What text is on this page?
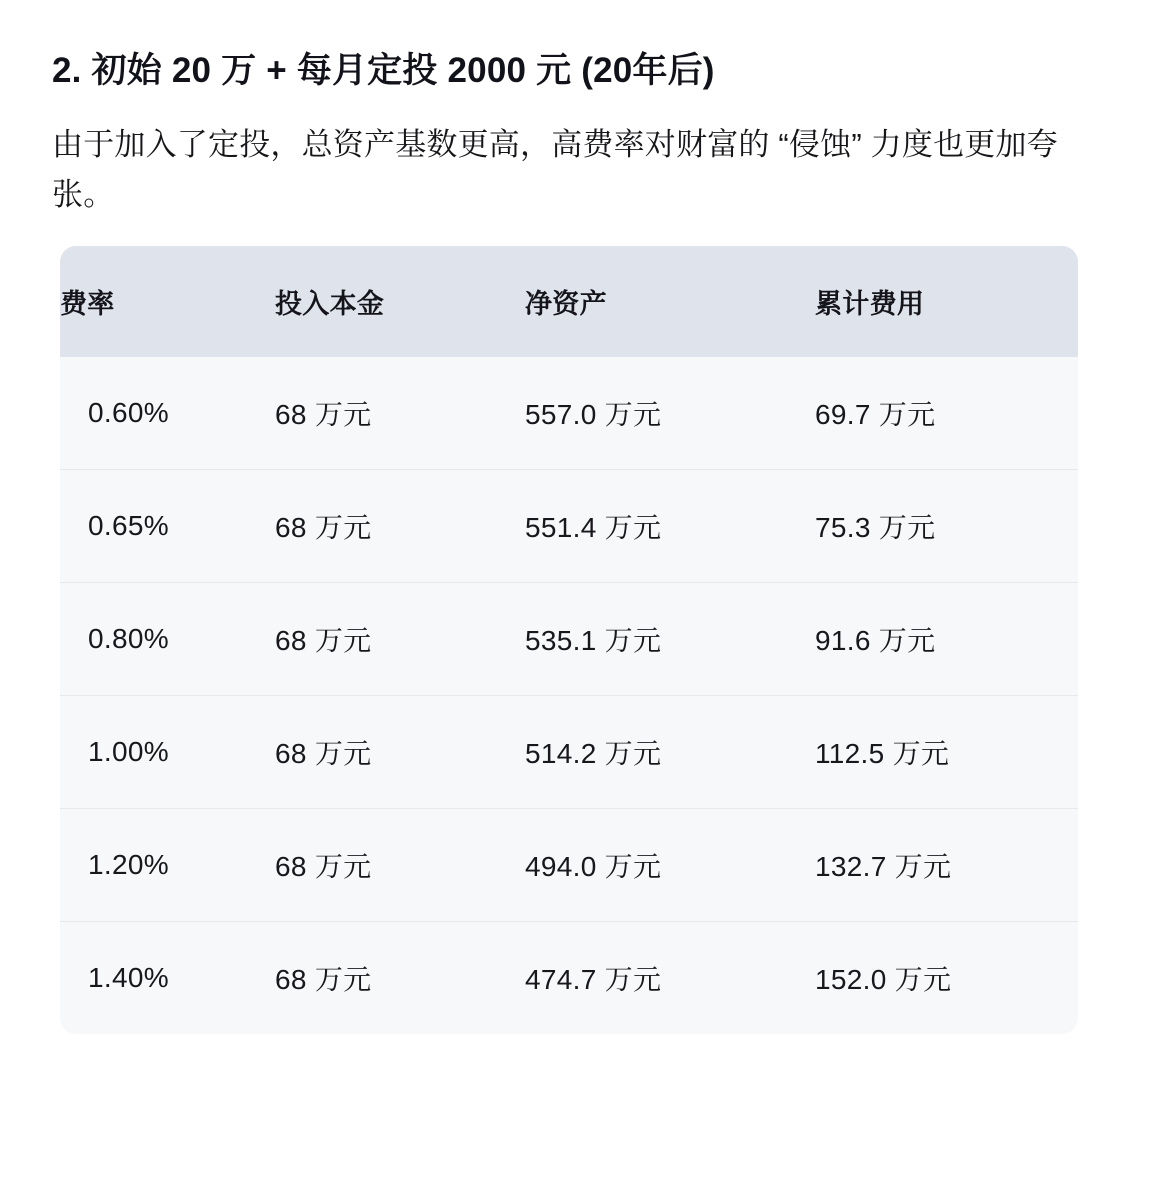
2. 初始 20 万 + 每月定投 2000 元 (20年后)

由于加入了定投，总资产基数更高，高费率对财富的 “侵蚀” 力度也更加夸张。

费率	投入本金	净资产	累计费用
0.60%	68 万元	557.0 万元	69.7 万元
0.65%	68 万元	551.4 万元	75.3 万元
0.80%	68 万元	535.1 万元	91.6 万元
1.00%	68 万元	514.2 万元	112.5 万元
1.20%	68 万元	494.0 万元	132.7 万元
1.40%	68 万元	474.7 万元	152.0 万元
